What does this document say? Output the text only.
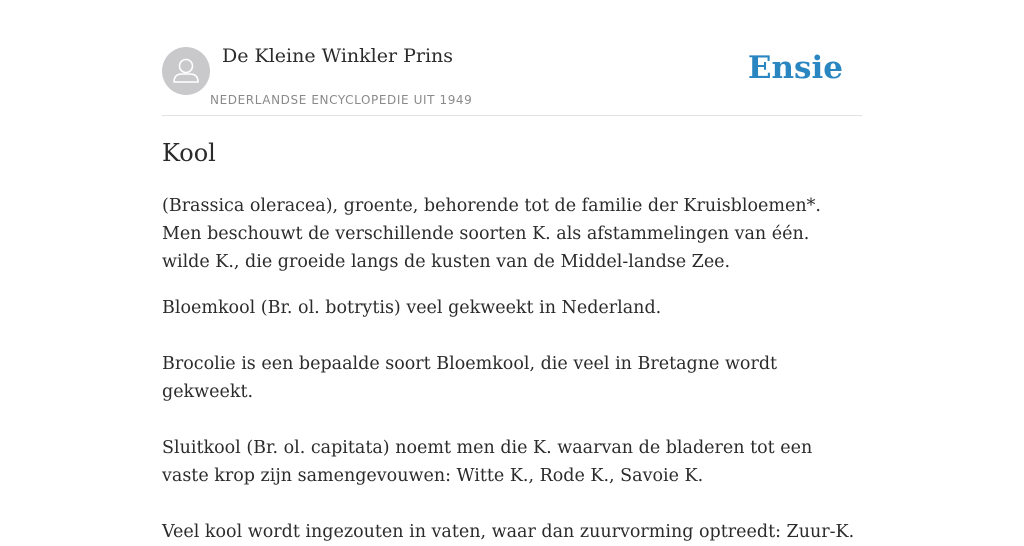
De Kleine Winkler Prins
NEDERLANDSE ENCYCLOPEDIE UIT 1949
Ensie
Kool

(Brassica oleracea), groente, behorende tot de familie der Kruisbloemen*. Men beschouwt de verschillende soorten K. als afstammelingen van één. wilde K., die groeide langs de kusten van de Middel-landse Zee.

Bloemkool (Br. ol. botrytis) veel gekweekt in Nederland.

Brocolie is een bepaalde soort Bloemkool, die veel in Bretagne wordt gekweekt.

Sluitkool (Br. ol. capitata) noemt men die K. waarvan de bladeren tot een vaste krop zijn samengevouwen: Witte K., Rode K., Savoie K.

Veel kool wordt ingezouten in vaten, waar dan zuurvorming optreedt: Zuur-K.
